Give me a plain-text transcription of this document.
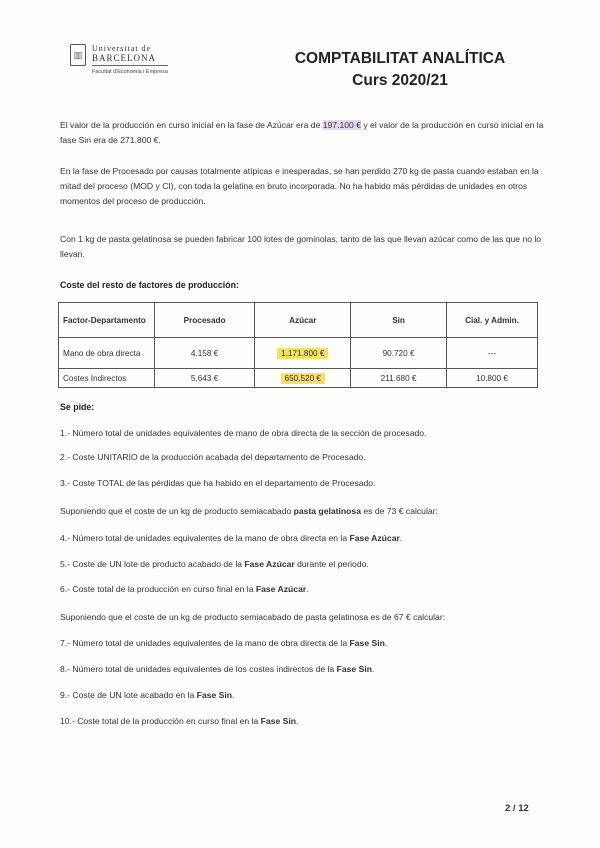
▥
Universitat de
BARCELONA
Facultat d'Economia i Empresa
COMPTABILITAT ANALÍTICA
Curs 2020/21

El valor de la producción en curso inicial en la fase de Azúcar era de 197.100 € y el valor de la producción en curso inicial en la fase Sin era de 271.800 €.

En la fase de Procesado por causas totalmente atípicas e inesperadas, se han perdido 270 kg de pasta cuando estaban en la mitad del proceso (MOD y CI), con toda la gelatina en bruto incorporada. No ha habido más pérdidas de unidades en otros momentos del proceso de producción.

Con 1 kg de pasta gelatinosa se pueden fabricar 100 lotes de gominolas, tanto de las que llevan azúcar como de las que no lo llevan.

Coste del resto de factores de producción:
Factor-Departamento	Procesado	Azúcar	Sin	Cial. y Admin.
Mano de obra directa	4.158 €	1.171.800 €	90.720 €	---
Costes Indirectos	5.643 €	650.520 €	211.680 €	10.800 €
Se pide:

1.- Número total de unidades equivalentes de mano de obra directa de la sección de procesado.

2.- Coste UNITARIO de la producción acabada del departamento de Procesado.

3.- Coste TOTAL de las pérdidas que ha habido en el departamento de Procesado.

Suponiendo que el coste de un kg de producto semiacabado pasta gelatinosa es de 73 € calcular:

4.- Número total de unidades equivalentes de la mano de obra directa en la Fase Azúcar.

5.- Coste de UN lote de producto acabado de la Fase Azúcar durante el periodo.

6.- Coste total de la producción en curso final en la Fase Azúcar.

Suponiendo que el coste de un kg de producto semiacabado de pasta gelatinosa es de 67 € calcular:

7.- Número total de unidades equivalentes de la mano de obra directa de la Fase Sin.

8.- Número total de unidades equivalentes de los costes indirectos de la Fase Sin.

9.- Coste de UN lote acabado en la Fase Sin.

10.- Coste total de la producción en curso final en la Fase Sin.

2 / 12
